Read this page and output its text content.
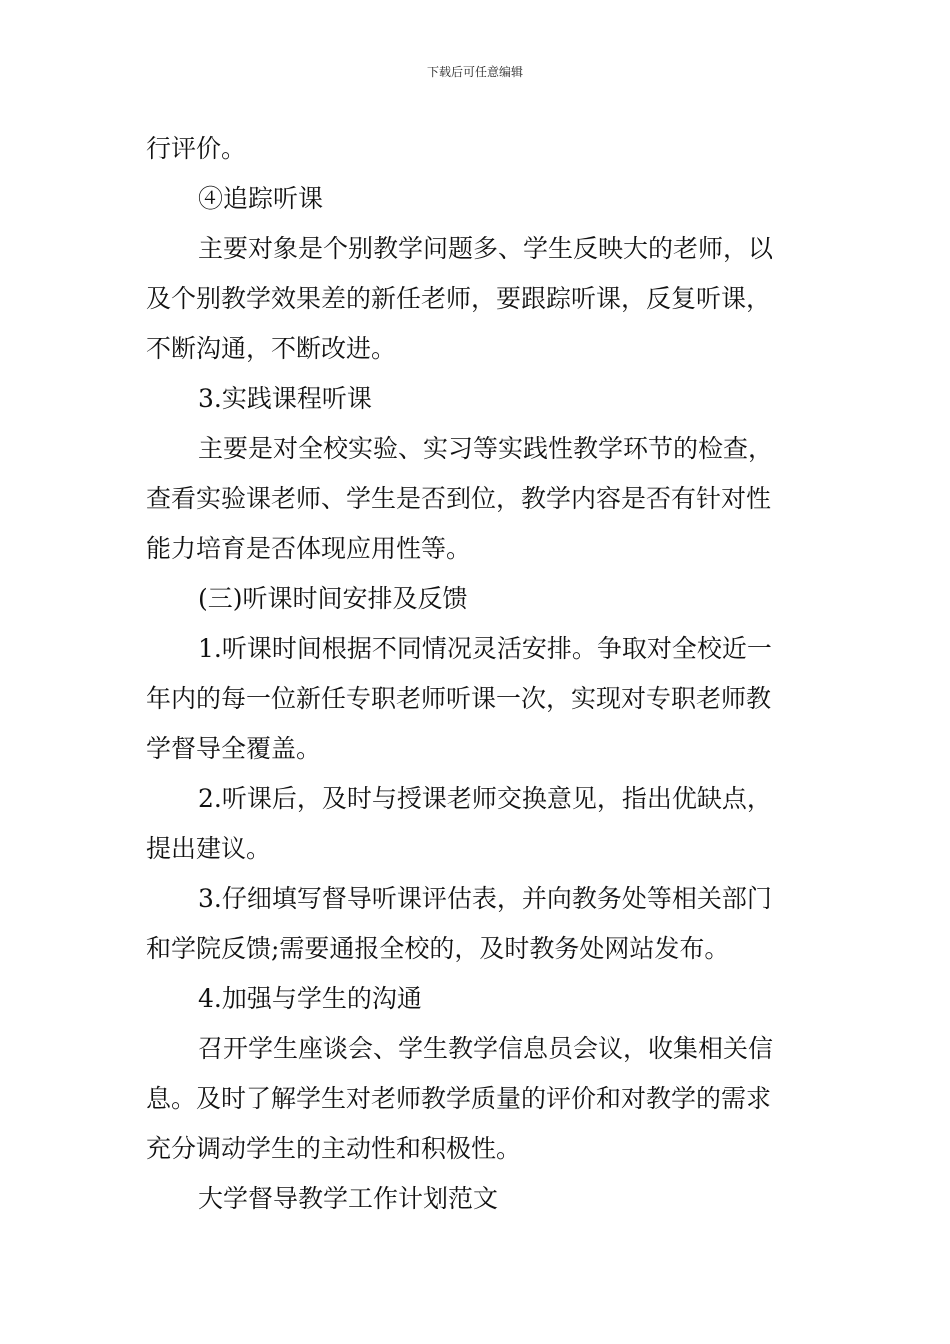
下载后可任意编辑
行评价。
④追踪听课
主要对象是个别教学问题多、学生反映大的老师，以
及个别教学效果差的新任老师，要跟踪听课，反复听课，
不断沟通，不断改进。
3.实践课程听课
主要是对全校实验、实习等实践性教学环节的检查，
查看实验课老师、学生是否到位，教学内容是否有针对性
能力培育是否体现应用性等。
(三)听课时间安排及反馈
1.听课时间根据不同情况灵活安排。争取对全校近一
年内的每一位新任专职老师听课一次，实现对专职老师教
学督导全覆盖。
2.听课后，及时与授课老师交换意见，指出优缺点，
提出建议。
3.仔细填写督导听课评估表，并向教务处等相关部门
和学院反馈;需要通报全校的，及时教务处网站发布。
4.加强与学生的沟通
召开学生座谈会、学生教学信息员会议，收集相关信
息。及时了解学生对老师教学质量的评价和对教学的需求
充分调动学生的主动性和积极性。
大学督导教学工作计划范文
